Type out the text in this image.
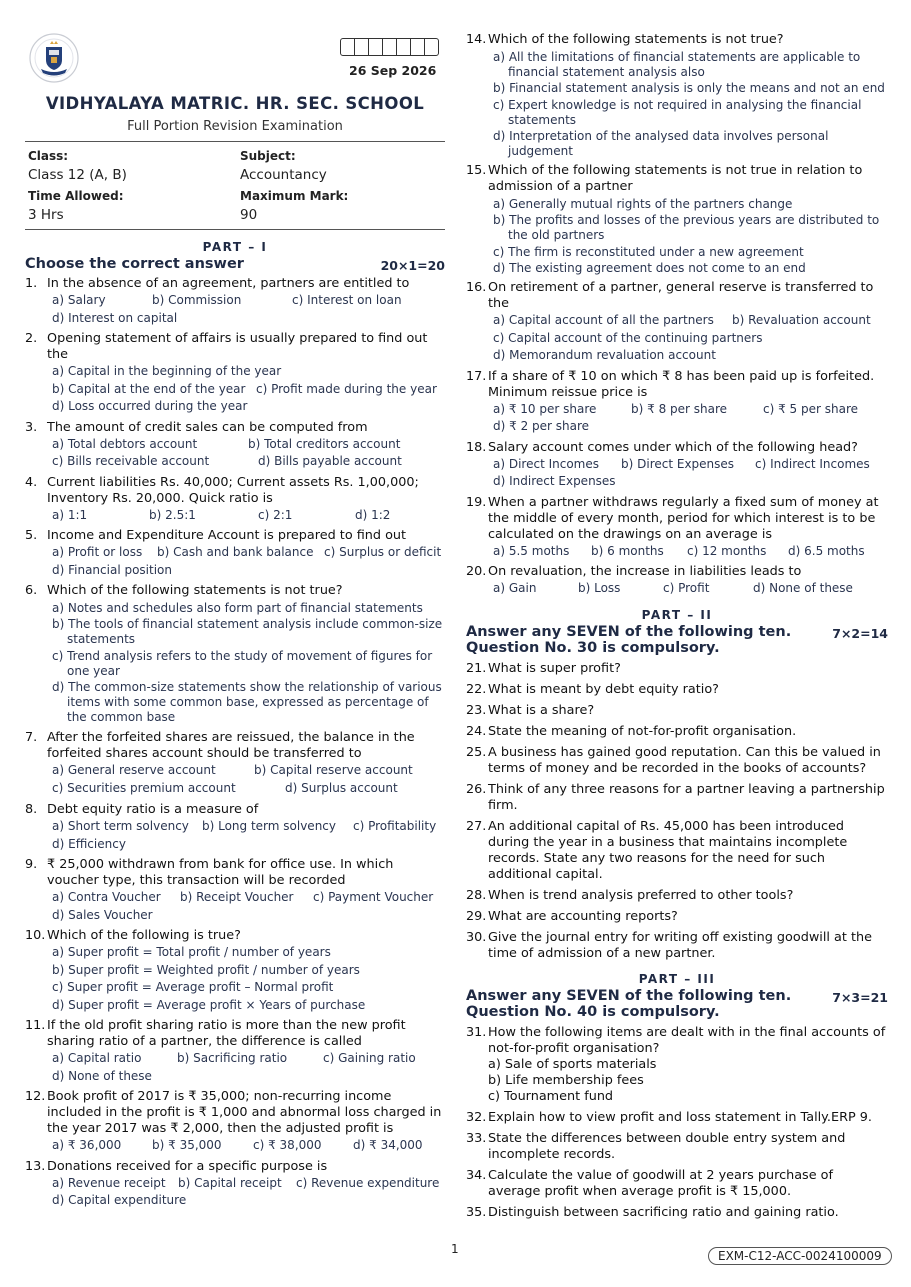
26 Sep 2026
VIDHYALAYA MATRIC. HR. SEC. SCHOOL
Full Portion Revision Examination
Class:
Class 12 (A, B)
Subject:
Accountancy
Time Allowed:
3 Hrs
Maximum Mark:
90
PART – I
Choose the correct answer	20×1=20
1. In the absence of an agreement, partners are entitled to
a) Salary	b) Commission	c) Interest on loan
d) Interest on capital
2. Opening statement of affairs is usually prepared to find out the
a) Capital in the beginning of the year
b) Capital at the end of the year c) Profit made during the year
d) Loss occurred during the year
3. The amount of credit sales can be computed from
a) Total debtors account	b) Total creditors account
c) Bills receivable account	d) Bills payable account
4. Current liabilities Rs. 40,000; Current assets Rs. 1,00,000; Inventory Rs. 20,000. Quick ratio is
a) 1:1	b) 2.5:1	c) 2:1	d) 1:2
5. Income and Expenditure Account is prepared to find out
a) Profit or loss b) Cash and bank balance c) Surplus or deficit
d) Financial position
6. Which of the following statements is not true?
a) Notes and schedules also form part of financial statements
b) The tools of financial statement analysis include common-size statements
c) Trend analysis refers to the study of movement of figures for one year
d) The common-size statements show the relationship of various items with some common base, expressed as percentage of the common base
7. After the forfeited shares are reissued, the balance in the forfeited shares account should be transferred to
a) General reserve account	b) Capital reserve account
c) Securities premium account	d) Surplus account
8. Debt equity ratio is a measure of
a) Short term solvency b) Long term solvency c) Profitability
d) Efficiency
9. ₹ 25,000 withdrawn from bank for office use. In which voucher type, this transaction will be recorded
a) Contra Voucher b) Receipt Voucher c) Payment Voucher
d) Sales Voucher
10. Which of the following is true?
a) Super profit = Total profit / number of years
b) Super profit = Weighted profit / number of years
c) Super profit = Average profit – Normal profit
d) Super profit = Average profit × Years of purchase
11. If the old profit sharing ratio is more than the new profit sharing ratio of a partner, the difference is called
a) Capital ratio	b) Sacrificing ratio	c) Gaining ratio
d) None of these
12. Book profit of 2017 is ₹ 35,000; non-recurring income included in the profit is ₹ 1,000 and abnormal loss charged in the year 2017 was ₹ 2,000, then the adjusted profit is
a) ₹ 36,000	b) ₹ 35,000	c) ₹ 38,000	d) ₹ 34,000
13. Donations received for a specific purpose is
a) Revenue receipt b) Capital receipt c) Revenue expenditure
d) Capital expenditure
14. Which of the following statements is not true?
a) All the limitations of financial statements are applicable to financial statement analysis also
b) Financial statement analysis is only the means and not an end
c) Expert knowledge is not required in analysing the financial statements
d) Interpretation of the analysed data involves personal judgement
15. Which of the following statements is not true in relation to admission of a partner
a) Generally mutual rights of the partners change
b) The profits and losses of the previous years are distributed to the old partners
c) The firm is reconstituted under a new agreement
d) The existing agreement does not come to an end
16. On retirement of a partner, general reserve is transferred to the
a) Capital account of all the partners b) Revaluation account
c) Capital account of the continuing partners
d) Memorandum revaluation account
17. If a share of ₹ 10 on which ₹ 8 has been paid up is forfeited. Minimum reissue price is
a) ₹ 10 per share	b) ₹ 8 per share	c) ₹ 5 per share
d) ₹ 2 per share
18. Salary account comes under which of the following head?
a) Direct Incomes b) Direct Expenses c) Indirect Incomes
d) Indirect Expenses
19. When a partner withdraws regularly a fixed sum of money at the middle of every month, period for which interest is to be calculated on the drawings on an average is
a) 5.5 moths b) 6 months c) 12 months d) 6.5 moths
20. On revaluation, the increase in liabilities leads to
a) Gain	b) Loss	c) Profit	d) None of these
PART – II
Answer any SEVEN of the following ten. Question No. 30 is compulsory.
7×2=14
21. What is super profit?
22. What is meant by debt equity ratio?
23. What is a share?
24. State the meaning of not-for-profit organisation.
25. A business has gained good reputation. Can this be valued in terms of money and be recorded in the books of accounts?
26. Think of any three reasons for a partner leaving a partnership firm.
27. An additional capital of Rs. 45,000 has been introduced during the year in a business that maintains incomplete records. State any two reasons for the need for such additional capital.
28. When is trend analysis preferred to other tools?
29. What are accounting reports?
30. Give the journal entry for writing off existing goodwill at the time of admission of a new partner.
PART – III
Answer any SEVEN of the following ten. Question No. 40 is compulsory.
7×3=21
31. How the following items are dealt with in the final accounts of not-for-profit organisation?
a) Sale of sports materials
b) Life membership fees
c) Tournament fund
32. Explain how to view profit and loss statement in Tally.ERP 9.
33. State the differences between double entry system and incomplete records.
34. Calculate the value of goodwill at 2 years purchase of average profit when average profit is ₹ 15,000.
35. Distinguish between sacrificing ratio and gaining ratio.
1	EXM-C12-ACC-0024100009
